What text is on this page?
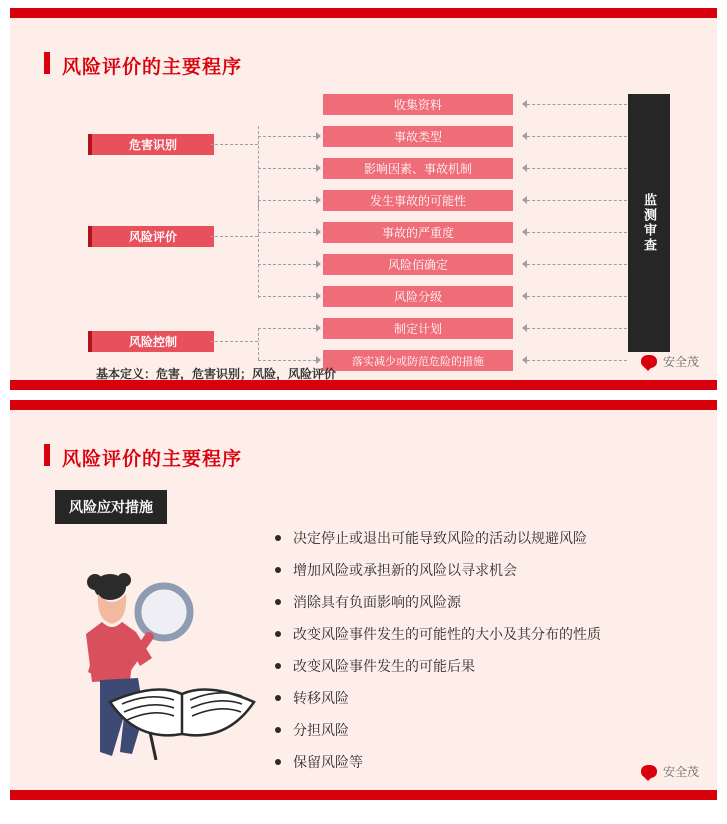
风险评价的主要程序
危害识别
风险评价
风险控制
收集资料
事故类型
影响因素、事故机制
发生事故的可能性
事故的严重度
风险佰确定
风险分级
制定计划
落实减少或防范危险的措施
监测审查
基本定义：危害，危害识别；风险，风险评价
安全茂
风险评价的主要程序
风险应对措施
决定停止或退出可能导致风险的活动以规避风险
增加风险或承担新的风险以寻求机会
消除具有负面影响的风险源
改变风险事件发生的可能性的大小及其分布的性质
改变风险事件发生的可能后果
转移风险
分担风险
保留风险等
安全茂
